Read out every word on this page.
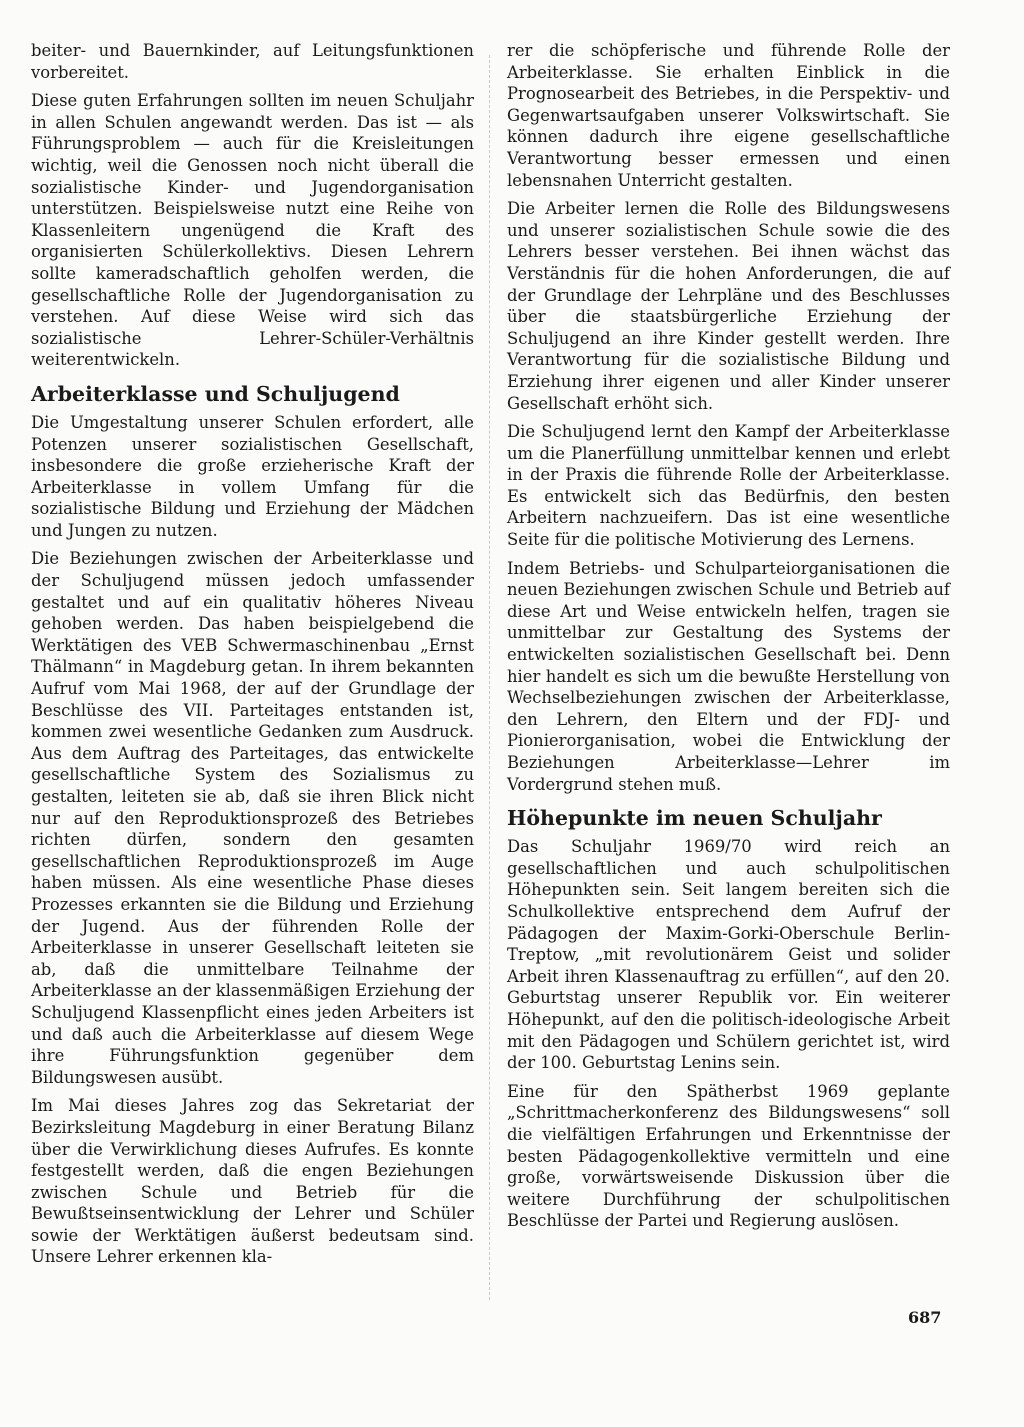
beiter- und Bauernkinder, auf Leitungsfunktionen vorbereitet.

Diese guten Erfahrungen sollten im neuen Schuljahr in allen Schulen angewandt werden. Das ist — als Führungsproblem — auch für die Kreisleitungen wichtig, weil die Genossen noch nicht überall die sozialistische Kinder- und Jugendorganisation unterstützen. Beispielsweise nutzt eine Reihe von Klassenleitern ungenügend die Kraft des organisierten Schülerkollektivs. Diesen Lehrern sollte kameradschaftlich geholfen werden, die gesellschaftliche Rolle der Jugendorganisation zu verstehen. Auf diese Weise wird sich das sozialistische Lehrer-Schüler-Verhältnis weiterentwickeln.

Arbeiterklasse und Schuljugend

Die Umgestaltung unserer Schulen erfordert, alle Potenzen unserer sozialistischen Gesellschaft, insbesondere die große erzieherische Kraft der Arbeiterklasse in vollem Umfang für die sozialistische Bildung und Erziehung der Mädchen und Jungen zu nutzen.

Die Beziehungen zwischen der Arbeiterklasse und der Schuljugend müssen jedoch umfassender gestaltet und auf ein qualitativ höheres Niveau gehoben werden. Das haben beispielgebend die Werktätigen des VEB Schwermaschinenbau „Ernst Thälmann“ in Magdeburg getan. In ihrem bekannten Aufruf vom Mai 1968, der auf der Grundlage der Beschlüsse des VII. Parteitages entstanden ist, kommen zwei wesentliche Gedanken zum Ausdruck. Aus dem Auftrag des Parteitages, das entwickelte gesellschaftliche System des Sozialismus zu gestalten, leiteten sie ab, daß sie ihren Blick nicht nur auf den Reproduktionsprozeß des Betriebes richten dürfen, sondern den gesamten gesellschaftlichen Reproduktionsprozeß im Auge haben müssen. Als eine wesentliche Phase dieses Prozesses erkannten sie die Bildung und Erziehung der Jugend. Aus der führenden Rolle der Arbeiterklasse in unserer Gesellschaft leiteten sie ab, daß die unmittelbare Teilnahme der Arbeiterklasse an der klassenmäßigen Erziehung der Schuljugend Klassenpflicht eines jeden Arbeiters ist und daß auch die Arbeiterklasse auf diesem Wege ihre Führungsfunktion gegenüber dem Bildungswesen ausübt.

Im Mai dieses Jahres zog das Sekretariat der Bezirksleitung Magdeburg in einer Beratung Bilanz über die Verwirklichung dieses Aufrufes. Es konnte festgestellt werden, daß die engen Beziehungen zwischen Schule und Betrieb für die Bewußtseinsentwicklung der Lehrer und Schüler sowie der Werktätigen äußerst bedeutsam sind. Unsere Lehrer erkennen kla-

rer die schöpferische und führende Rolle der Arbeiterklasse. Sie erhalten Einblick in die Prognosearbeit des Betriebes, in die Perspektiv- und Gegenwartsaufgaben unserer Volkswirtschaft. Sie können dadurch ihre eigene gesellschaftliche Verantwortung besser ermessen und einen lebensnahen Unterricht gestalten.

Die Arbeiter lernen die Rolle des Bildungswesens und unserer sozialistischen Schule sowie die des Lehrers besser verstehen. Bei ihnen wächst das Verständnis für die hohen Anforderungen, die auf der Grundlage der Lehrpläne und des Beschlusses über die staatsbürgerliche Erziehung der Schuljugend an ihre Kinder gestellt werden. Ihre Verantwortung für die sozialistische Bildung und Erziehung ihrer eigenen und aller Kinder unserer Gesellschaft erhöht sich.

Die Schuljugend lernt den Kampf der Arbeiterklasse um die Planerfüllung unmittelbar kennen und erlebt in der Praxis die führende Rolle der Arbeiterklasse. Es entwickelt sich das Bedürfnis, den besten Arbeitern nachzueifern. Das ist eine wesentliche Seite für die politische Motivierung des Lernens.

Indem Betriebs- und Schulparteiorganisationen die neuen Beziehungen zwischen Schule und Betrieb auf diese Art und Weise entwickeln helfen, tragen sie unmittelbar zur Gestaltung des Systems der entwickelten sozialistischen Gesellschaft bei. Denn hier handelt es sich um die bewußte Herstellung von Wechselbeziehungen zwischen der Arbeiterklasse, den Lehrern, den Eltern und der FDJ- und Pionierorganisation, wobei die Entwicklung der Beziehungen Arbeiterklasse—Lehrer im Vordergrund stehen muß.

Höhepunkte im neuen Schuljahr

Das Schuljahr 1969/70 wird reich an gesellschaftlichen und auch schulpolitischen Höhepunkten sein. Seit langem bereiten sich die Schulkollektive entsprechend dem Aufruf der Pädagogen der Maxim-Gorki-Oberschule Berlin-Treptow, „mit revolutionärem Geist und solider Arbeit ihren Klassenauftrag zu erfüllen“, auf den 20. Geburtstag unserer Republik vor. Ein weiterer Höhepunkt, auf den die politisch-ideologische Arbeit mit den Pädagogen und Schülern gerichtet ist, wird der 100. Geburtstag Lenins sein.

Eine für den Spätherbst 1969 geplante „Schrittmacherkonferenz des Bildungswesens“ soll die vielfältigen Erfahrungen und Erkenntnisse der besten Pädagogenkollektive vermitteln und eine große, vorwärtsweisende Diskussion über die weitere Durchführung der schulpolitischen Beschlüsse der Partei und Regierung auslösen.

687
